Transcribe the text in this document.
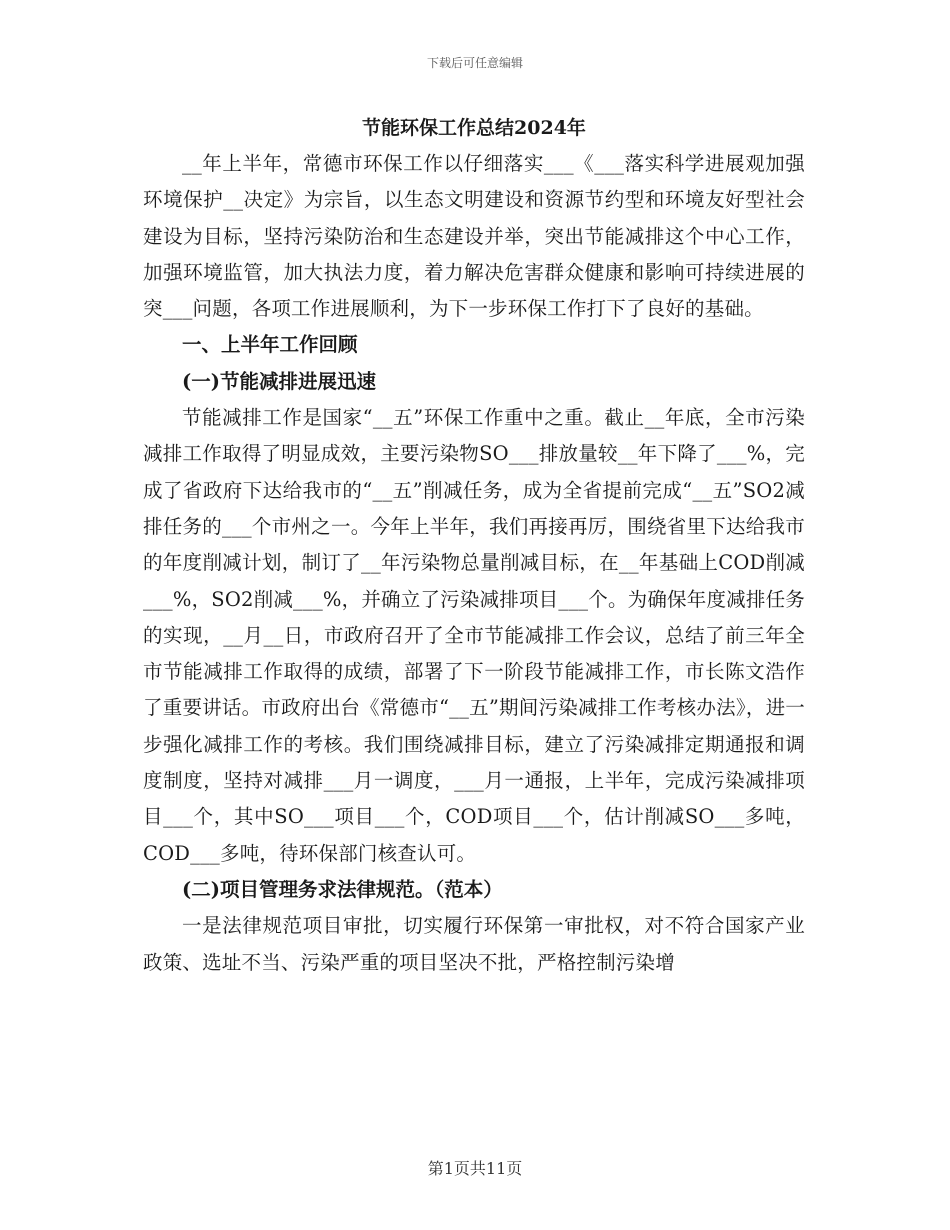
下载后可任意编辑
节能环保工作总结2024年

__年上半年，常德市环保工作以仔细落实___《___落实科学进展观加强环境保护__决定》为宗旨，以生态文明建设和资源节约型和环境友好型社会建设为目标，坚持污染防治和生态建设并举，突出节能减排这个中心工作，加强环境监管，加大执法力度，着力解决危害群众健康和影响可持续进展的突___问题，各项工作进展顺利，为下一步环保工作打下了良好的基础。

一、上半年工作回顾

(一)节能减排进展迅速

节能减排工作是国家“__五”环保工作重中之重。截止__年底，全市污染减排工作取得了明显成效，主要污染物SO___排放量较__年下降了___%，完成了省政府下达给我市的“__五”削减任务，成为全省提前完成“__五”SO2减排任务的___个市州之一。今年上半年，我们再接再厉，围绕省里下达给我市的年度削减计划，制订了__年污染物总量削减目标，在__年基础上COD削减___%，SO2削减___%，并确立了污染减排项目___个。为确保年度减排任务的实现，__月__日，市政府召开了全市节能减排工作会议，总结了前三年全市节能减排工作取得的成绩，部署了下一阶段节能减排工作，市长陈文浩作了重要讲话。市政府出台《常德市“__五”期间污染减排工作考核办法》，进一步强化减排工作的考核。我们围绕减排目标，建立了污染减排定期通报和调度制度，坚持对减排___月一调度，___月一通报，上半年，完成污染减排项目___个，其中SO___项目___个，COD项目___个，估计削减SO___多吨，COD___多吨，待环保部门核查认可。

(二)项目管理务求法律规范。（范本）

一是法律规范项目审批，切实履行环保第一审批权，对不符合国家产业政策、选址不当、污染严重的项目坚决不批，严格控制污染增

第1页共11页
